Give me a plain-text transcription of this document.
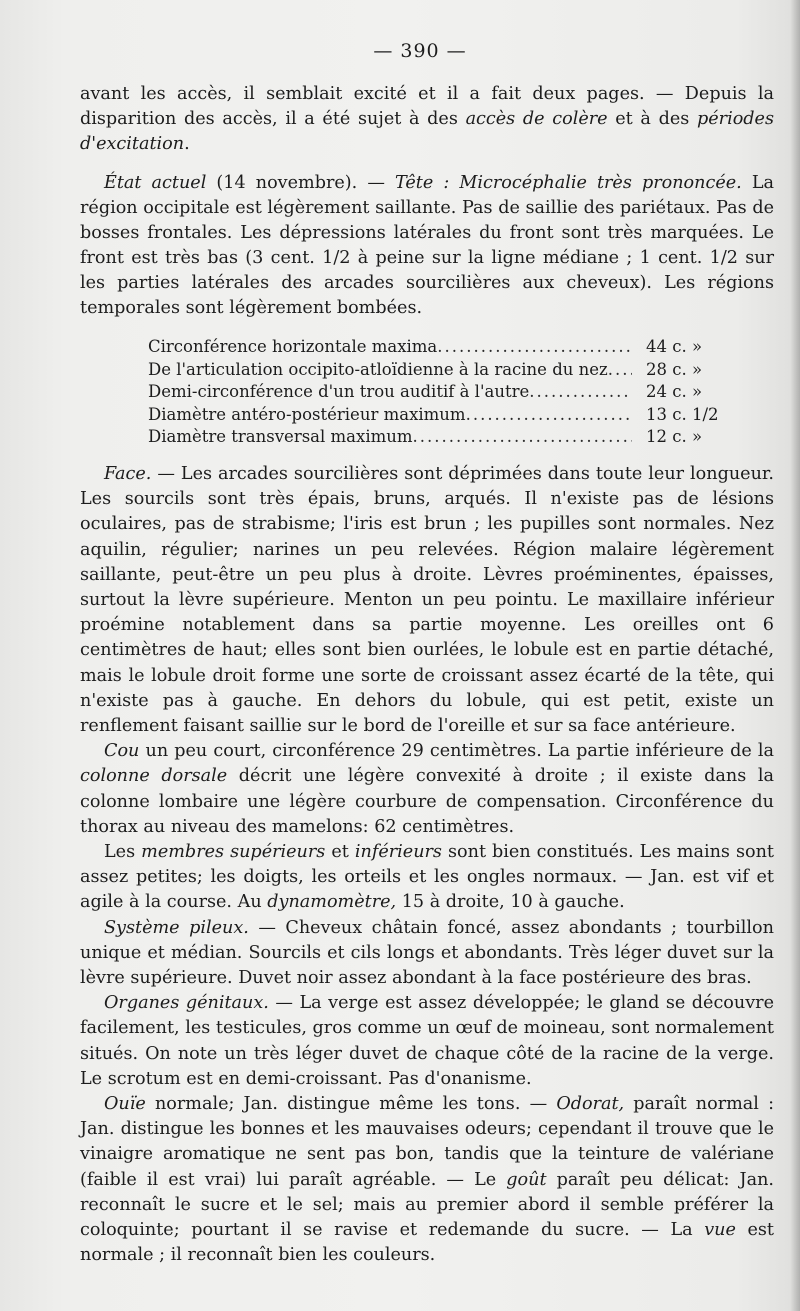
— 390 —

avant les accès, il semblait excité et il a fait deux pages. — Depuis la disparition des accès, il a été sujet à des accès de colère et à des périodes d'excitation.

État actuel (14 novembre). — Tête : Microcéphalie très prononcée. La région occipitale est légèrement saillante. Pas de saillie des pariétaux. Pas de bosses frontales. Les dépressions latérales du front sont très marquées. Le front est très bas (3 cent. 1/2 à peine sur la ligne médiane ; 1 cent. 1/2 sur les parties latérales des arcades sourcilières aux cheveux). Les régions temporales sont légèrement bombées.

Circonférence horizontale maxima .....	44 c. »
De l'articulation occipito-atloïdienne à la racine du nez .....	28 c. »
Demi-circonférence d'un trou auditif à l'autre .....	24 c. »
Diamètre antéro-postérieur maximum .....	13 c. 1/2
Diamètre transversal maximum .....	12 c. »

Face. — Les arcades sourcilières sont déprimées dans toute leur longueur. Les sourcils sont très épais, bruns, arqués. Il n'existe pas de lésions oculaires, pas de strabisme; l'iris est brun ; les pupilles sont normales. Nez aquilin, régulier; narines un peu relevées. Région malaire légèrement saillante, peut-être un peu plus à droite. Lèvres proéminentes, épaisses, surtout la lèvre supérieure. Menton un peu pointu. Le maxillaire inférieur proémine notablement dans sa partie moyenne. Les oreilles ont 6 centimètres de haut; elles sont bien ourlées, le lobule est en partie détaché, mais le lobule droit forme une sorte de croissant assez écarté de la tête, qui n'existe pas à gauche. En dehors du lobule, qui est petit, existe un renflement faisant saillie sur le bord de l'oreille et sur sa face antérieure.

Cou un peu court, circonférence 29 centimètres. La partie inférieure de la colonne dorsale décrit une légère convexité à droite ; il existe dans la colonne lombaire une légère courbure de compensation. Circonférence du thorax au niveau des mamelons: 62 centimètres.

Les membres supérieurs et inférieurs sont bien constitués. Les mains sont assez petites; les doigts, les orteils et les ongles normaux. — Jan. est vif et agile à la course. Au dynamomètre, 15 à droite, 10 à gauche.

Système pileux. — Cheveux châtain foncé, assez abondants ; tourbillon unique et médian. Sourcils et cils longs et abondants. Très léger duvet sur la lèvre supérieure. Duvet noir assez abondant à la face postérieure des bras.

Organes génitaux. — La verge est assez développée; le gland se découvre facilement, les testicules, gros comme un œuf de moineau, sont normalement situés. On note un très léger duvet de chaque côté de la racine de la verge. Le scrotum est en demi-croissant. Pas d'onanisme.

Ouïe normale; Jan. distingue même les tons. — Odorat, paraît normal : Jan. distingue les bonnes et les mauvaises odeurs; cependant il trouve que le vinaigre aromatique ne sent pas bon, tandis que la teinture de valériane (faible il est vrai) lui paraît agréable. — Le goût paraît peu délicat: Jan. reconnaît le sucre et le sel; mais au premier abord il semble préférer la coloquinte; pourtant il se ravise et redemande du sucre. — La vue est normale ; il reconnaît bien les couleurs.
